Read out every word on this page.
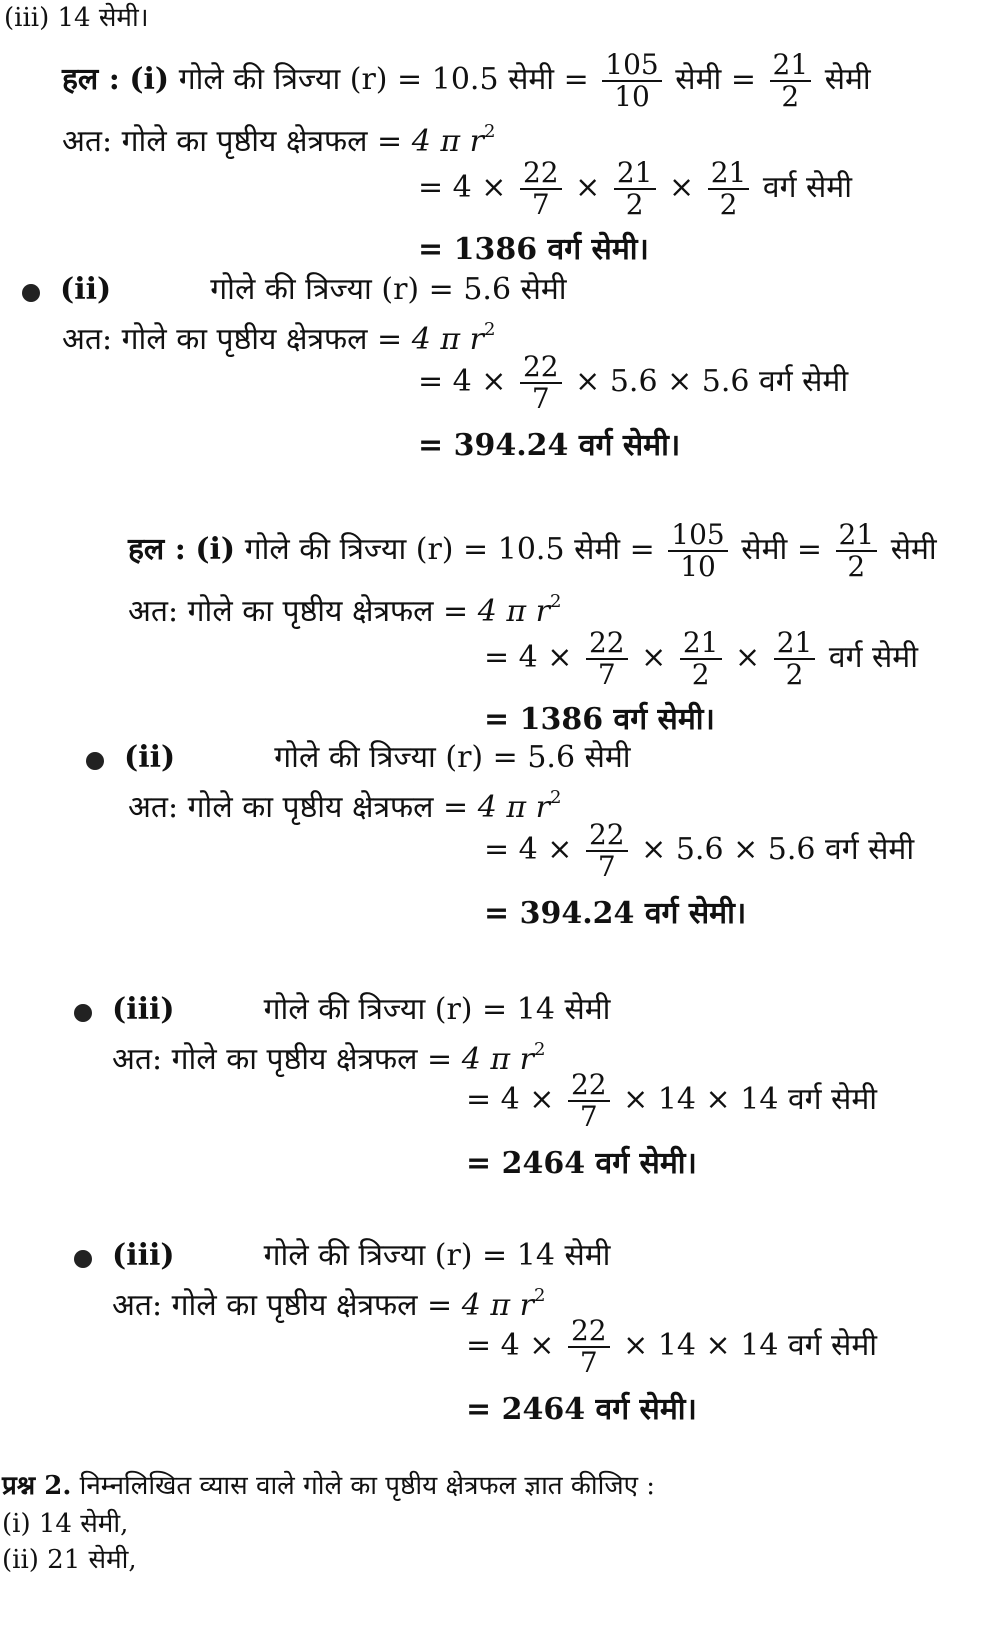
(iii) 14 सेमी।
हल : (i) गोले की त्रिज्या (r) = 10.5 सेमी = $\frac{105}{10}$ सेमी = $\frac{21}{2}$ सेमी
अत: गोले का पृष्ठीय क्षेत्रफल = 4 π $r^2$
= $4 \times \frac{22}{7} \times \frac{21}{2} \times \frac{21}{2}$ वर्ग सेमी
= 1386 वर्ग सेमी।
(ii)	गोले की त्रिज्या (r) = 5.6 सेमी
अत: गोले का पृष्ठीय क्षेत्रफल = 4 π $r^2$
= $4 \times \frac{22}{7} \times 5.6 \times 5.6$ वर्ग सेमी
= 394.24 वर्ग सेमी।
हल : (i) गोले की त्रिज्या (r) = 10.5 सेमी = $\frac{105}{10}$ सेमी = $\frac{21}{2}$ सेमी
अत: गोले का पृष्ठीय क्षेत्रफल = 4 π $r^2$
= $4 \times \frac{22}{7} \times \frac{21}{2} \times \frac{21}{2}$ वर्ग सेमी
= 1386 वर्ग सेमी।
(ii)	गोले की त्रिज्या (r) = 5.6 सेमी
अत: गोले का पृष्ठीय क्षेत्रफल = 4 π $r^2$
= $4 \times \frac{22}{7} \times 5.6 \times 5.6$ वर्ग सेमी
= 394.24 वर्ग सेमी।
(iii)	गोले की त्रिज्या (r) = 14 सेमी
अत: गोले का पृष्ठीय क्षेत्रफल = 4 π $r^2$
= $4 \times \frac{22}{7} \times 14 \times 14$ वर्ग सेमी
= 2464 वर्ग सेमी।
(iii)	गोले की त्रिज्या (r) = 14 सेमी
अत: गोले का पृष्ठीय क्षेत्रफल = 4 π $r^2$
= $4 \times \frac{22}{7} \times 14 \times 14$ वर्ग सेमी
= 2464 वर्ग सेमी।
प्रश्न 2. निम्नलिखित व्यास वाले गोले का पृष्ठीय क्षेत्रफल ज्ञात कीजिए :
(i) 14 सेमी,
(ii) 21 सेमी,
